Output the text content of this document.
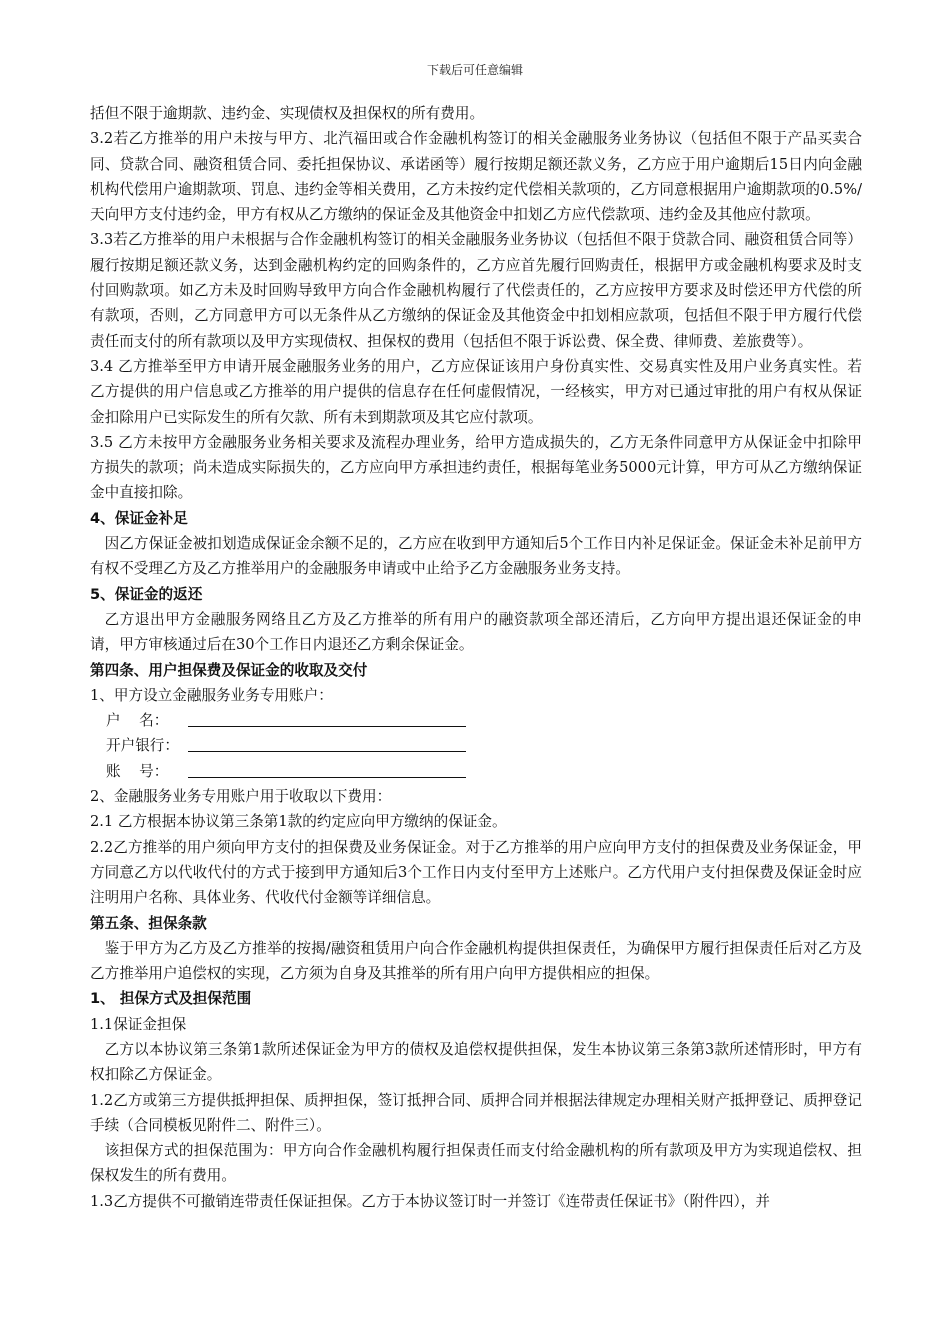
下载后可任意编辑

括但不限于逾期款、违约金、实现债权及担保权的所有费用。

3.2若乙方推举的用户未按与甲方、北汽福田或合作金融机构签订的相关金融服务业务协议（包括但不限于产品买卖合同、贷款合同、融资租赁合同、委托担保协议、承诺函等）履行按期足额还款义务，乙方应于用户逾期后15日内向金融机构代偿用户逾期款项、罚息、违约金等相关费用，乙方未按约定代偿相关款项的，乙方同意根据用户逾期款项的0.5%/天向甲方支付违约金，甲方有权从乙方缴纳的保证金及其他资金中扣划乙方应代偿款项、违约金及其他应付款项。

3.3若乙方推举的用户未根据与合作金融机构签订的相关金融服务业务协议（包括但不限于贷款合同、融资租赁合同等）履行按期足额还款义务，达到金融机构约定的回购条件的，乙方应首先履行回购责任，根据甲方或金融机构要求及时支付回购款项。如乙方未及时回购导致甲方向合作金融机构履行了代偿责任的，乙方应按甲方要求及时偿还甲方代偿的所有款项，否则，乙方同意甲方可以无条件从乙方缴纳的保证金及其他资金中扣划相应款项，包括但不限于甲方履行代偿责任而支付的所有款项以及甲方实现债权、担保权的费用（包括但不限于诉讼费、保全费、律师费、差旅费等）。

3.4 乙方推举至甲方申请开展金融服务业务的用户，乙方应保证该用户身份真实性、交易真实性及用户业务真实性。若乙方提供的用户信息或乙方推举的用户提供的信息存在任何虚假情况，一经核实，甲方对已通过审批的用户有权从保证金扣除用户已实际发生的所有欠款、所有未到期款项及其它应付款项。

3.5 乙方未按甲方金融服务业务相关要求及流程办理业务，给甲方造成损失的，乙方无条件同意甲方从保证金中扣除甲方损失的款项；尚未造成实际损失的，乙方应向甲方承担违约责任，根据每笔业务5000元计算，甲方可从乙方缴纳保证金中直接扣除。

4、保证金补足

因乙方保证金被扣划造成保证金余额不足的，乙方应在收到甲方通知后5个工作日内补足保证金。保证金未补足前甲方有权不受理乙方及乙方推举用户的金融服务申请或中止给予乙方金融服务业务支持。

5、保证金的返还

乙方退出甲方金融服务网络且乙方及乙方推举的所有用户的融资款项全部还清后，乙方向甲方提出退还保证金的申请，甲方审核通过后在30个工作日内退还乙方剩余保证金。

第四条、用户担保费及保证金的收取及交付

1、甲方设立金融服务业务专用账户：

户    名：

开户银行：

账    号：

2、金融服务业务专用账户用于收取以下费用：

2.1 乙方根据本协议第三条第1款的约定应向甲方缴纳的保证金。

2.2乙方推举的用户须向甲方支付的担保费及业务保证金。对于乙方推举的用户应向甲方支付的担保费及业务保证金，甲方同意乙方以代收代付的方式于接到甲方通知后3个工作日内支付至甲方上述账户。乙方代用户支付担保费及保证金时应注明用户名称、具体业务、代收代付金额等详细信息。

第五条、担保条款

鉴于甲方为乙方及乙方推举的按揭/融资租赁用户向合作金融机构提供担保责任，为确保甲方履行担保责任后对乙方及乙方推举用户追偿权的实现，乙方须为自身及其推举的所有用户向甲方提供相应的担保。

1、 担保方式及担保范围

1.1保证金担保

乙方以本协议第三条第1款所述保证金为甲方的债权及追偿权提供担保，发生本协议第三条第3款所述情形时，甲方有权扣除乙方保证金。

1.2乙方或第三方提供抵押担保、质押担保，签订抵押合同、质押合同并根据法律规定办理相关财产抵押登记、质押登记手续（合同模板见附件二、附件三）。

该担保方式的担保范围为：甲方向合作金融机构履行担保责任而支付给金融机构的所有款项及甲方为实现追偿权、担保权发生的所有费用。

1.3乙方提供不可撤销连带责任保证担保。乙方于本协议签订时一并签订《连带责任保证书》（附件四），并
